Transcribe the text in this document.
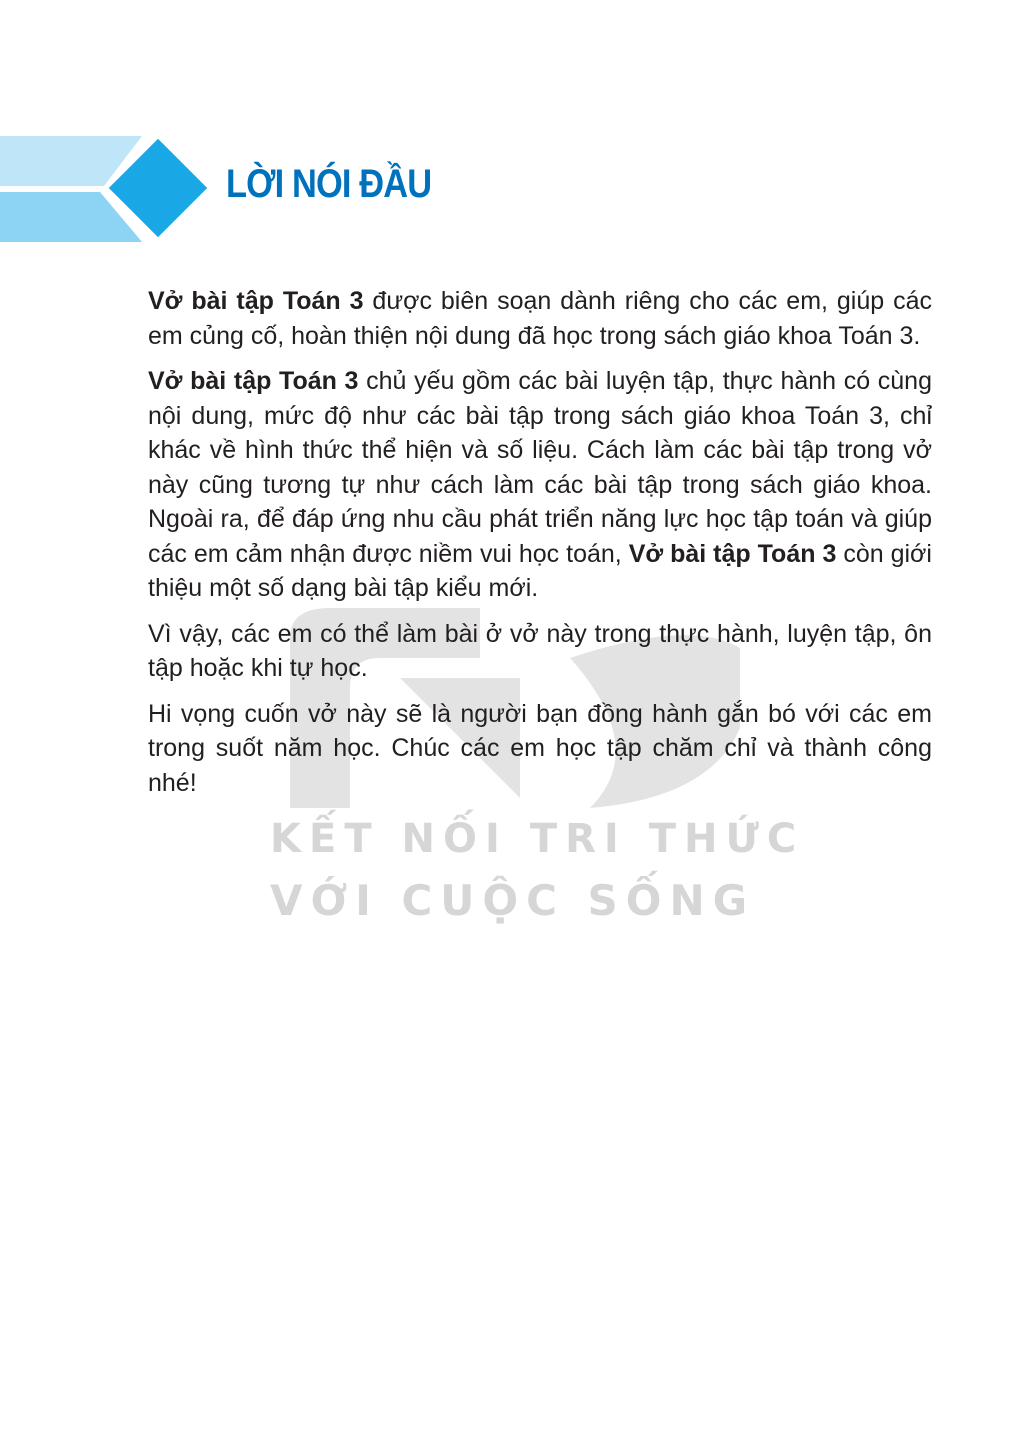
LỜI NÓI ĐẦU
KẾT NỐI TRI THỨC
VỚI CUỘC SỐNG

Vở bài tập Toán 3 được biên soạn dành riêng cho các em, giúp các em củng cố, hoàn thiện nội dung đã học trong sách giáo khoa Toán 3.

Vở bài tập Toán 3 chủ yếu gồm các bài luyện tập, thực hành có cùng nội dung, mức độ như các bài tập trong sách giáo khoa Toán 3, chỉ khác về hình thức thể hiện và số liệu. Cách làm các bài tập trong vở này cũng tương tự như cách làm các bài tập trong sách giáo khoa. Ngoài ra, để đáp ứng nhu cầu phát triển năng lực học tập toán và giúp các em cảm nhận được niềm vui học toán, Vở bài tập Toán 3 còn giới thiệu một số dạng bài tập kiểu mới.

Vì vậy, các em có thể làm bài ở vở này trong thực hành, luyện tập, ôn tập hoặc khi tự học.

Hi vọng cuốn vở này sẽ là người bạn đồng hành gắn bó với các em trong suốt năm học. Chúc các em học tập chăm chỉ và thành công nhé!
